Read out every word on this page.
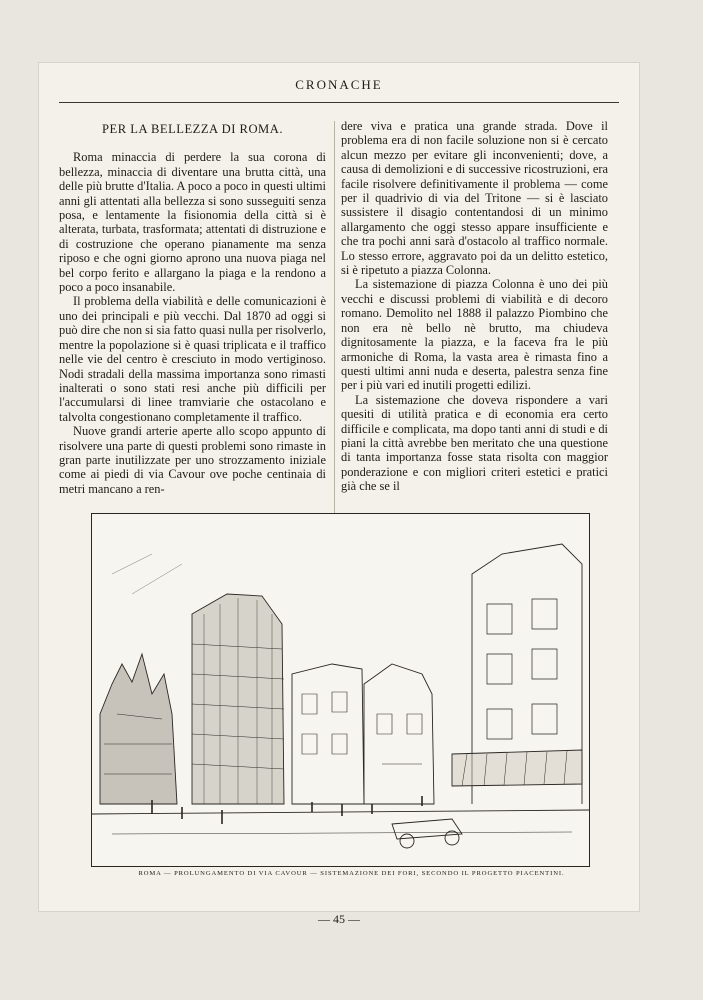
CRONACHE
PER LA BELLEZZA DI ROMA.

Roma minaccia di perdere la sua corona di bellezza, minaccia di diventare una brutta città, una delle più brutte d'Italia. A poco a poco in questi ultimi anni gli attentati alla bellezza si sono susseguiti senza posa, e lentamente la fisionomia della città si è alterata, turbata, trasformata; attentati di distruzione e di costruzione che operano pianamente ma senza riposo e che ogni giorno aprono una nuova piaga nel bel corpo ferito e allargano la piaga e la rendono a poco a poco insanabile.

Il problema della viabilità e delle comunicazioni è uno dei principali e più vecchi. Dal 1870 ad oggi si può dire che non si sia fatto quasi nulla per risolverlo, mentre la popolazione si è quasi triplicata e il traffico nelle vie del centro è cresciuto in modo vertiginoso. Nodi stradali della massima importanza sono rimasti inalterati o sono stati resi anche più difficili per l'accumularsi di linee tramviarie che ostacolano e talvolta congestionano completamente il traffico.

Nuove grandi arterie aperte allo scopo appunto di risolvere una parte di questi problemi sono rimaste in gran parte inutilizzate per uno strozzamento iniziale come ai piedi di via Cavour ove poche centinaia di metri mancano a ren-

dere viva e pratica una grande strada. Dove il problema era di non facile soluzione non si è cercato alcun mezzo per evitare gli inconvenienti; dove, a causa di demolizioni e di successive ricostruzioni, era facile risolvere definitivamente il problema — come per il quadrivio di via del Tritone — si è lasciato sussistere il disagio contentandosi di un minimo allargamento che oggi stesso appare insufficiente e che tra pochi anni sarà d'ostacolo al traffico normale. Lo stesso errore, aggravato poi da un delitto estetico, si è ripetuto a piazza Colonna.

La sistemazione di piazza Colonna è uno dei più vecchi e discussi problemi di viabilità e di decoro romano. Demolito nel 1888 il palazzo Piombino che non era nè bello nè brutto, ma chiudeva dignitosamente la piazza, e la faceva fra le più armoniche di Roma, la vasta area è rimasta fino a questi ultimi anni nuda e deserta, palestra senza fine per i più vari ed inutili progetti edilizi.

La sistemazione che doveva rispondere a vari quesiti di utilità pratica e di economia era certo difficile e complicata, ma dopo tanti anni di studi e di piani la città avrebbe ben meritato che una questione di tanta importanza fosse stata risolta con maggior ponderazione e con migliori criteri estetici e pratici già che se il

— 45 —
ROMA — PROLUNGAMENTO DI VIA CAVOUR — SISTEMAZIONE DEI FORI, SECONDO IL PROGETTO PIACENTINI.
